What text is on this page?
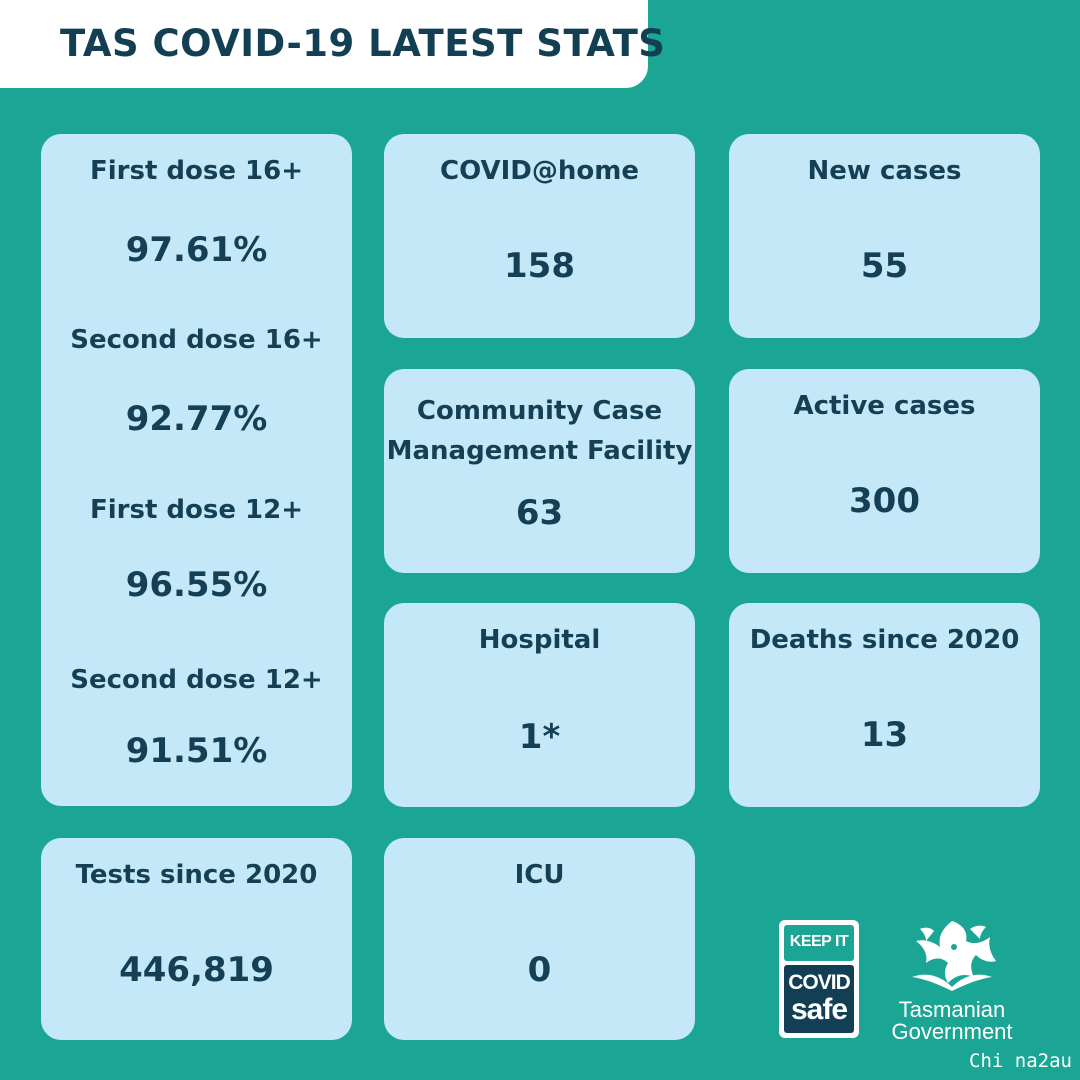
TAS COVID-19 LATEST STATS
First dose 16+
97.61%
Second dose 16+
92.77%
First dose 12+
96.55%
Second dose 12+
91.51%
COVID@home
158
New cases
55
Community Case
Management Facility
63
Active cases
300
Hospital
1*
Deaths since 2020
13
Tests since 2020
446,819
ICU
0
KEEP IT
COVID
safe	Tasmanian
Government
Chi na2au
